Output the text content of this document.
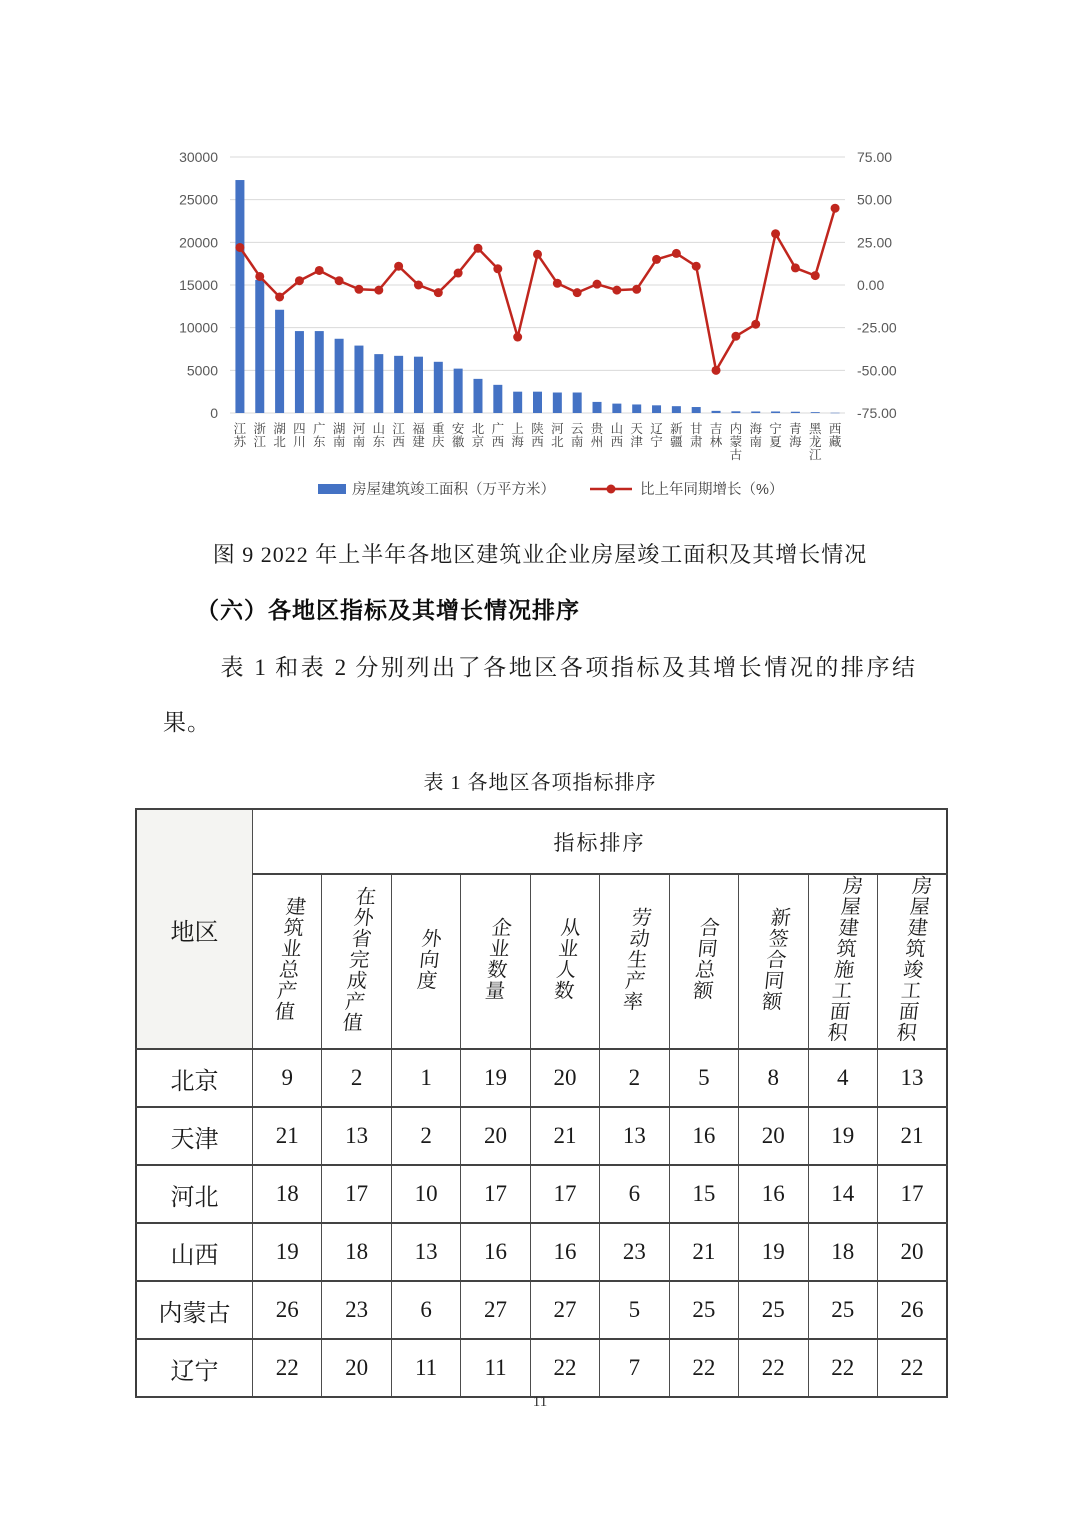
0
5000
10000
15000
20000
25000
30000
-75.00
-50.00
-25.00
0.00
25.00
50.00
75.00
江苏
浙江
湖北
四川
广东
湖南
河南
山东
江西
福建
重庆
安徽
北京
广西
上海
陕西
河北
云南
贵州
山西
天津
辽宁
新疆
甘肃
吉林
内蒙古
海南
宁夏
青海
黑龙江
西藏
房屋建筑竣工面积（万平方米）	比上年同期增长（%）
图 9 2022 年上半年各地区建筑业企业房屋竣工面积及其增长情况
（六）各地区指标及其增长情况排序
表 1 和表 2 分别列出了各地区各项指标及其增长情况的排序结果。
表 1 各地区各项指标排序
地区	指标排序									
	建筑业总产值	在外省完成产值	外向度	企业数量	从业人数	劳动生产率	合同总额	新签合同额	房屋建筑施工面积	房屋建筑竣工面积
北京	9	2	1	19	20	2	5	8	4	13
天津	21	13	2	20	21	13	16	20	19	21
河北	18	17	10	17	17	6	15	16	14	17
山西	19	18	13	16	16	23	21	19	18	20
内蒙古	26	23	6	27	27	5	25	25	25	26
辽宁	22	20	11	11	22	7	22	22	22	22
11
